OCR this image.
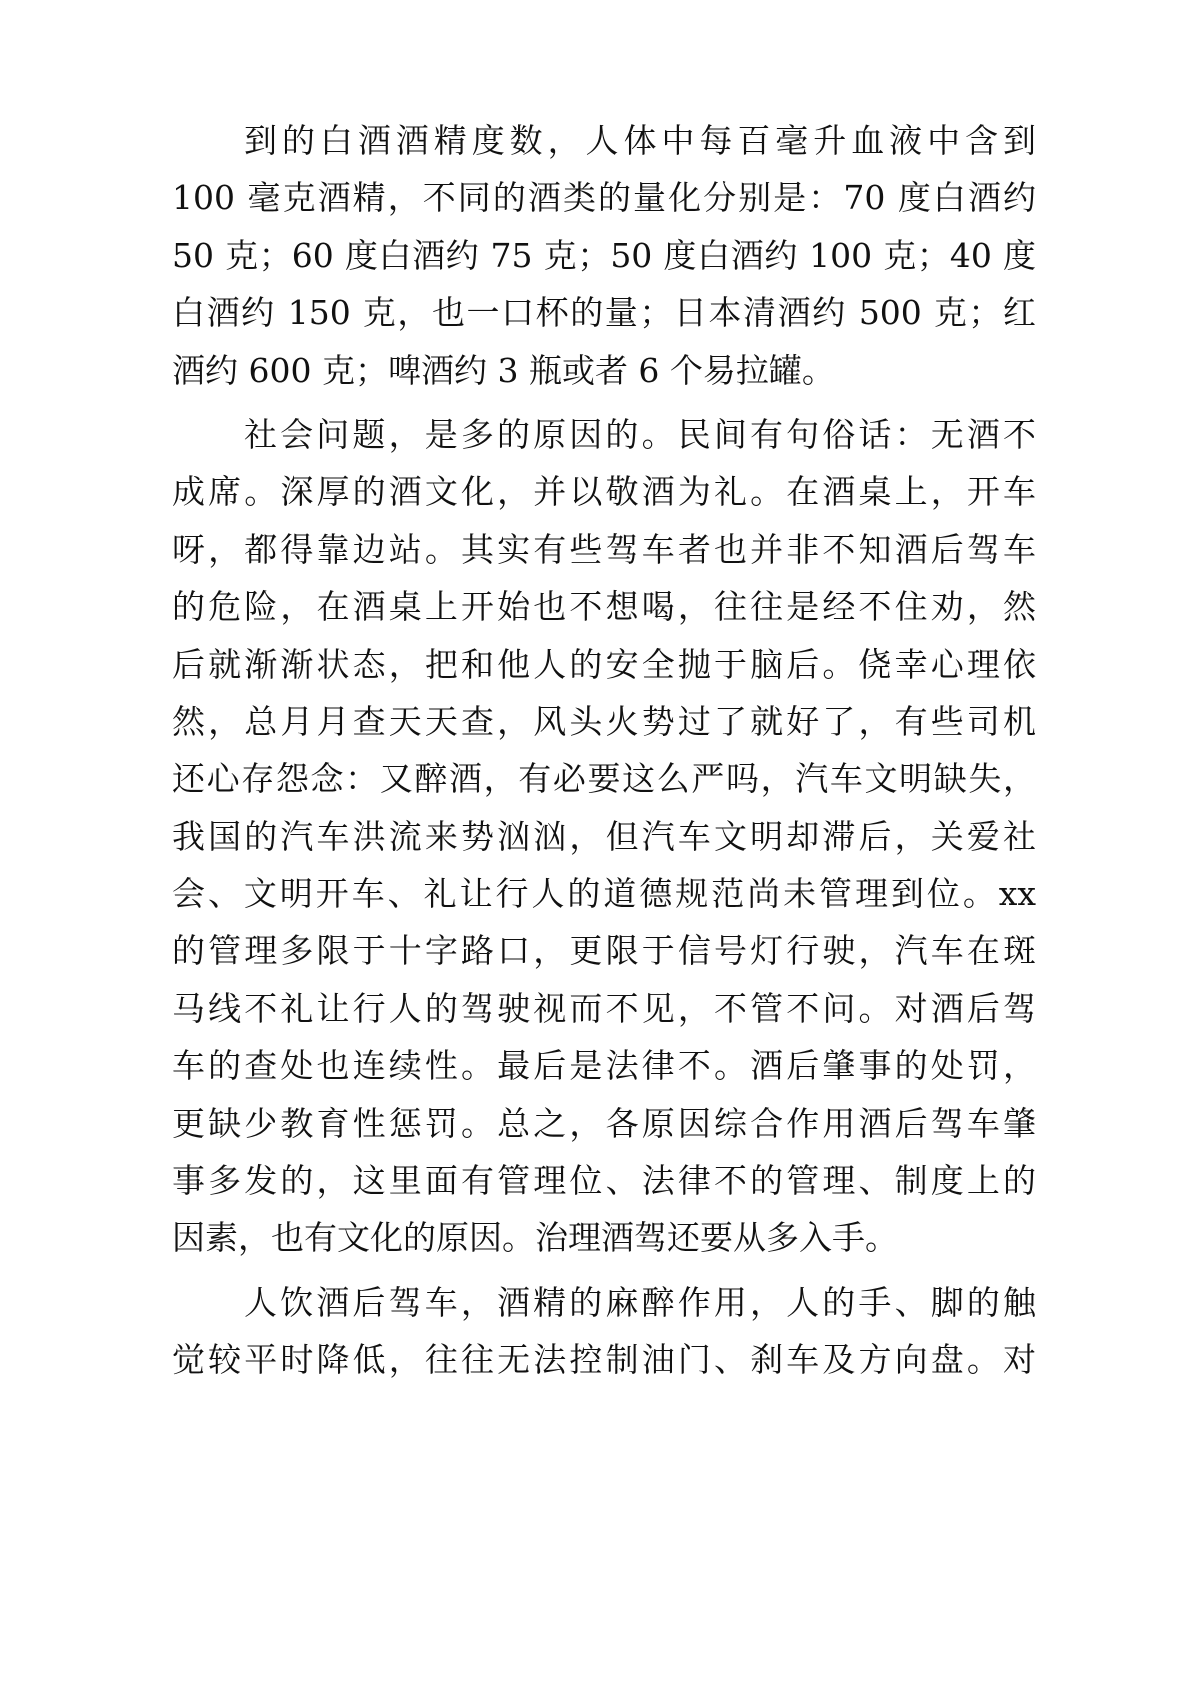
到的白酒酒精度数，人体中每百毫升血液中含到
100 毫克酒精，不同的酒类的量化分别是：70 度白酒约
50 克；60 度白酒约 75 克；50 度白酒约 100 克；40 度
白酒约 150 克，也一口杯的量；日本清酒约 500 克；红
酒约 600 克；啤酒约 3 瓶或者 6 个易拉罐。
社会问题，是多的原因的。民间有句俗话：无酒不
成席。深厚的酒文化，并以敬酒为礼。在酒桌上，开车
呀，都得靠边站。其实有些驾车者也并非不知酒后驾车
的危险，在酒桌上开始也不想喝，往往是经不住劝，然
后就渐渐状态，把和他人的安全抛于脑后。侥幸心理依
然，总月月查天天查，风头火势过了就好了，有些司机
还心存怨念：又醉酒，有必要这么严吗，汽车文明缺失，
我国的汽车洪流来势汹汹，但汽车文明却滞后，关爱社
会、文明开车、礼让行人的道德规范尚未管理到位。xx
的管理多限于十字路口，更限于信号灯行驶，汽车在斑
马线不礼让行人的驾驶视而不见，不管不问。对酒后驾
车的查处也连续性。最后是法律不。酒后肇事的处罚，
更缺少教育性惩罚。总之，各原因综合作用酒后驾车肇
事多发的，这里面有管理位、法律不的管理、制度上的
因素，也有文化的原因。治理酒驾还要从多入手。
人饮酒后驾车，酒精的麻醉作用，人的手、脚的触
觉较平时降低，往往无法控制油门、刹车及方向盘。对
